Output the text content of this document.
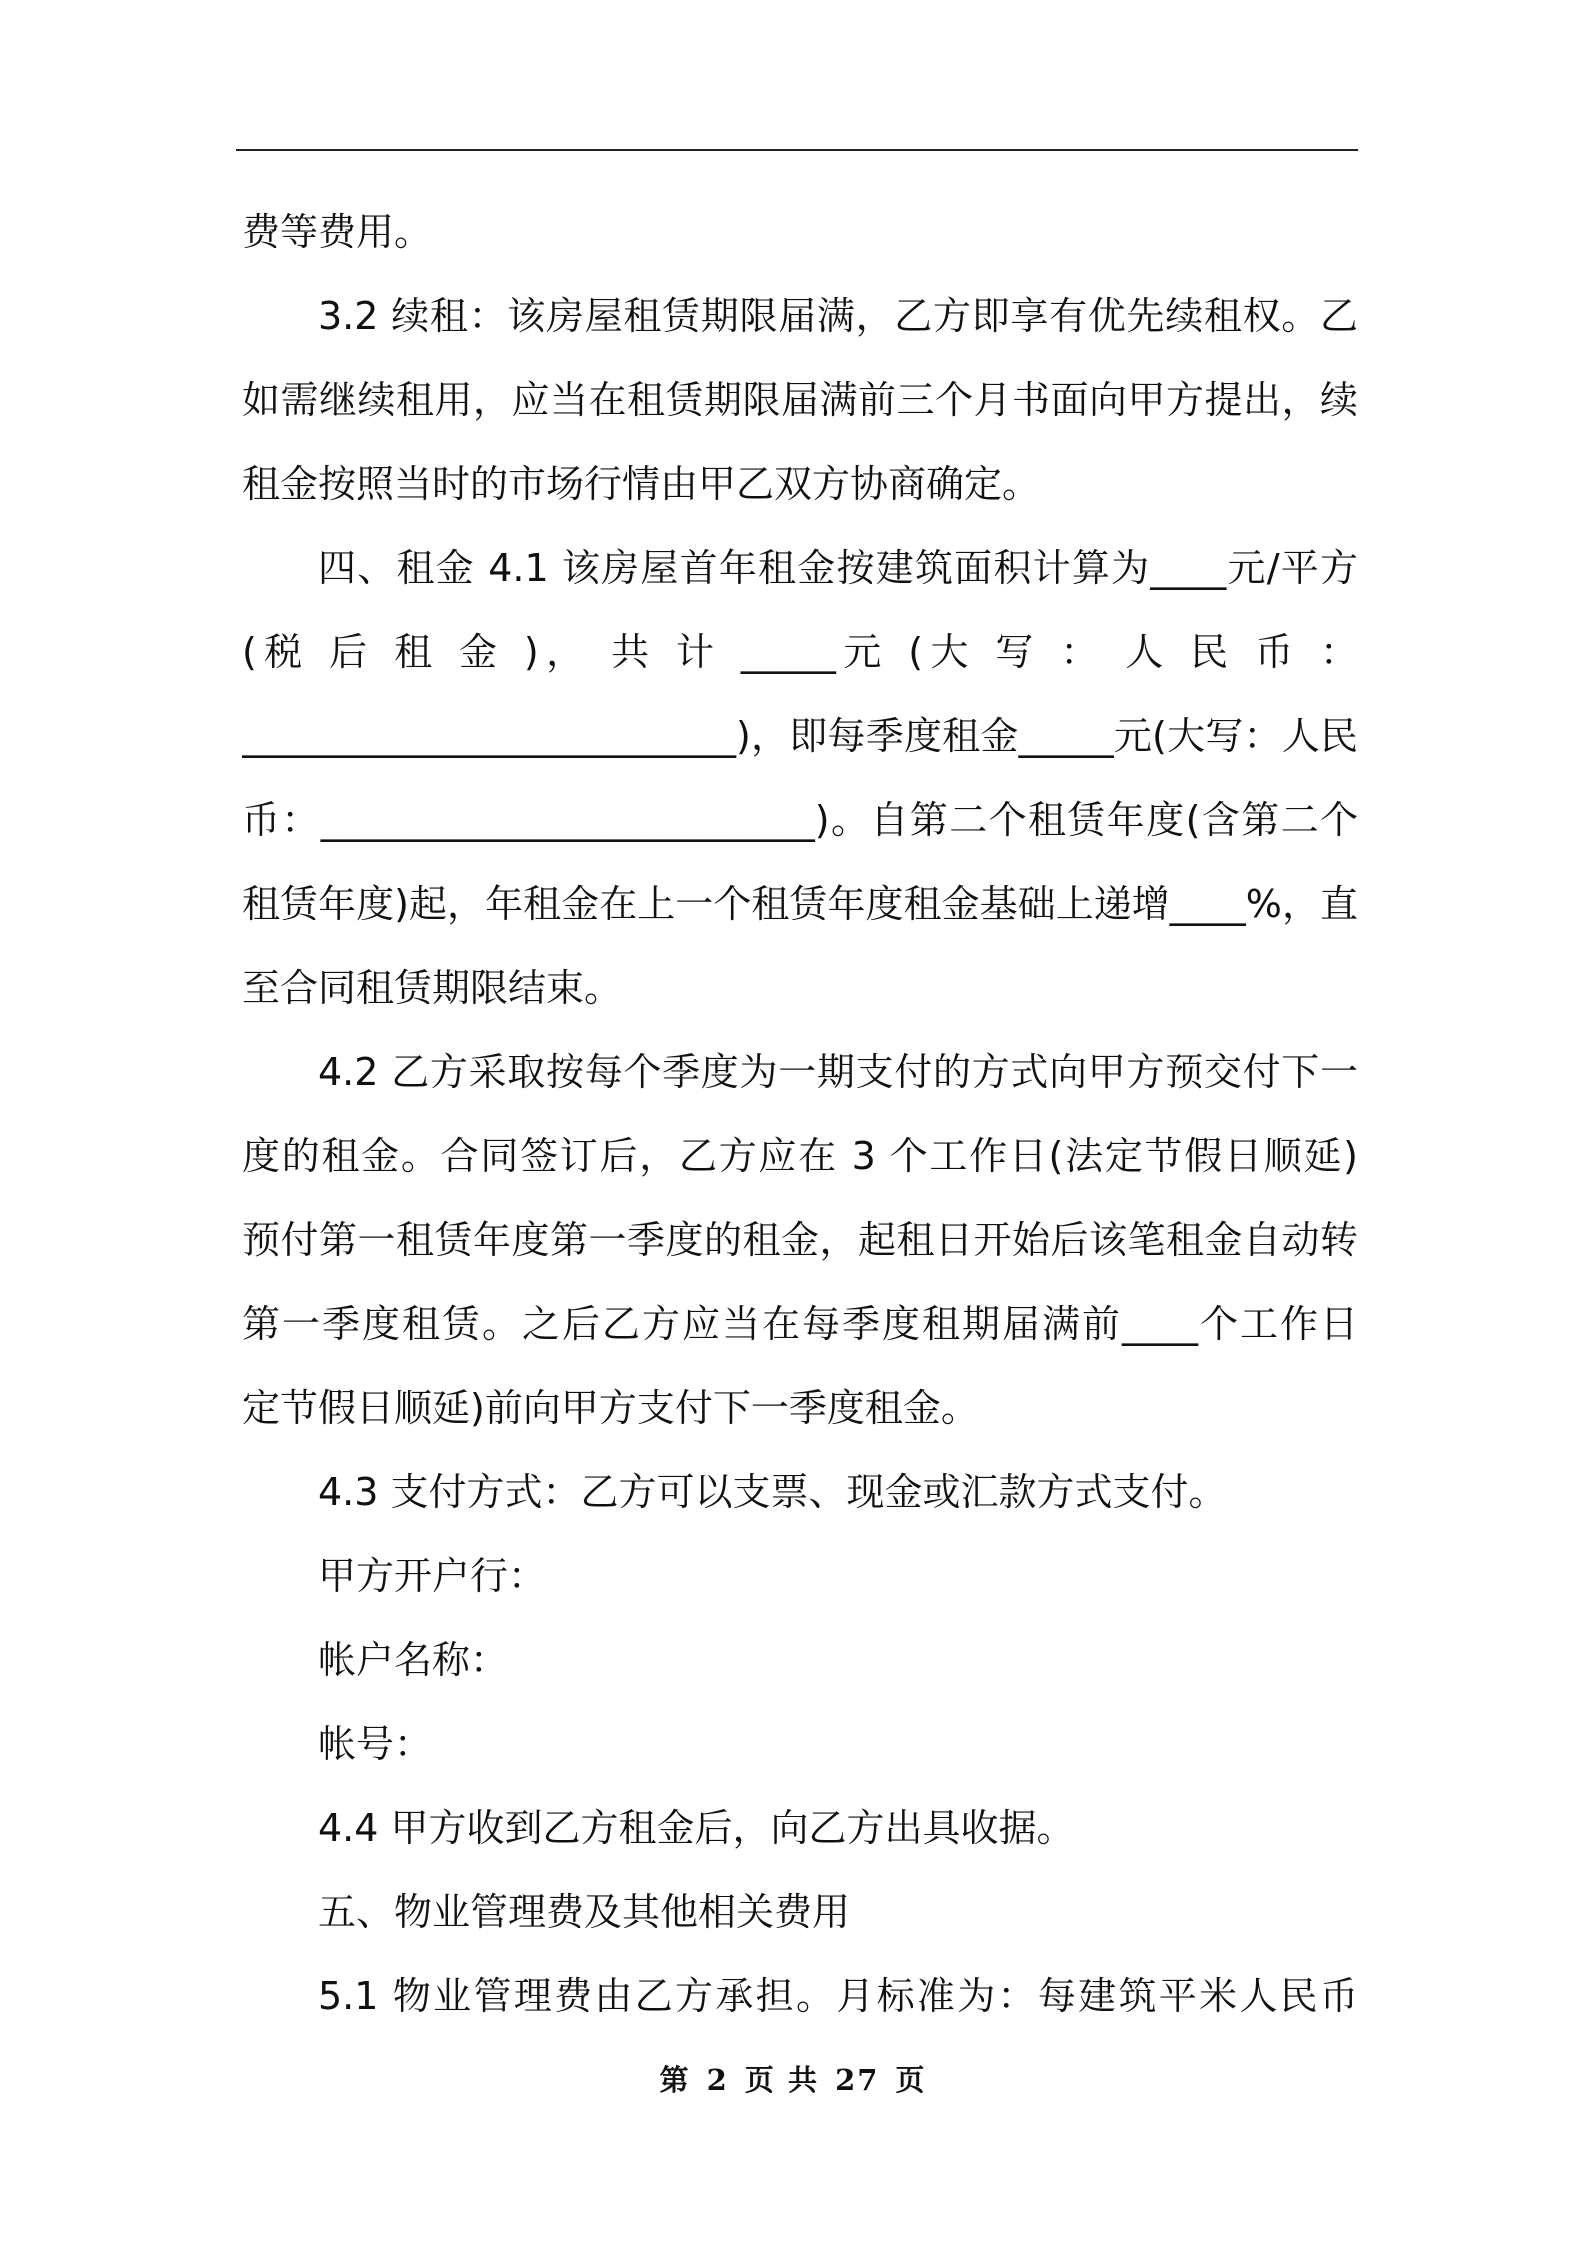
费等费用。
3.2 续租：该房屋租赁期限届满，乙方即享有优先续租权。乙
如需继续租用，应当在租赁期限届满前三个月书面向甲方提出，续
租金按照当时的市场行情由甲乙双方协商确定。
四、租金 4.1 该房屋首年租金按建筑面积计算为____元/平方
(税 后 租 金 )， 共 计 _____元 (大 写 ： 人 民 币 ：
__________________________)，即每季度租金_____元(大写：人民
币：__________________________)。自第二个租赁年度(含第二个
租赁年度)起，年租金在上一个租赁年度租金基础上递增____%，直
至合同租赁期限结束。
4.2 乙方采取按每个季度为一期支付的方式向甲方预交付下一
度的租金。合同签订后，乙方应在 3 个工作日(法定节假日顺延)
预付第一租赁年度第一季度的租金，起租日开始后该笔租金自动转
第一季度租赁。之后乙方应当在每季度租期届满前____个工作日
定节假日顺延)前向甲方支付下一季度租金。
4.3 支付方式：乙方可以支票、现金或汇款方式支付。
甲方开户行：
帐户名称：
帐号：
4.4 甲方收到乙方租金后，向乙方出具收据。
五、物业管理费及其他相关费用
5.1 物业管理费由乙方承担。月标准为：每建筑平米人民币
第 2 页 共 27 页
